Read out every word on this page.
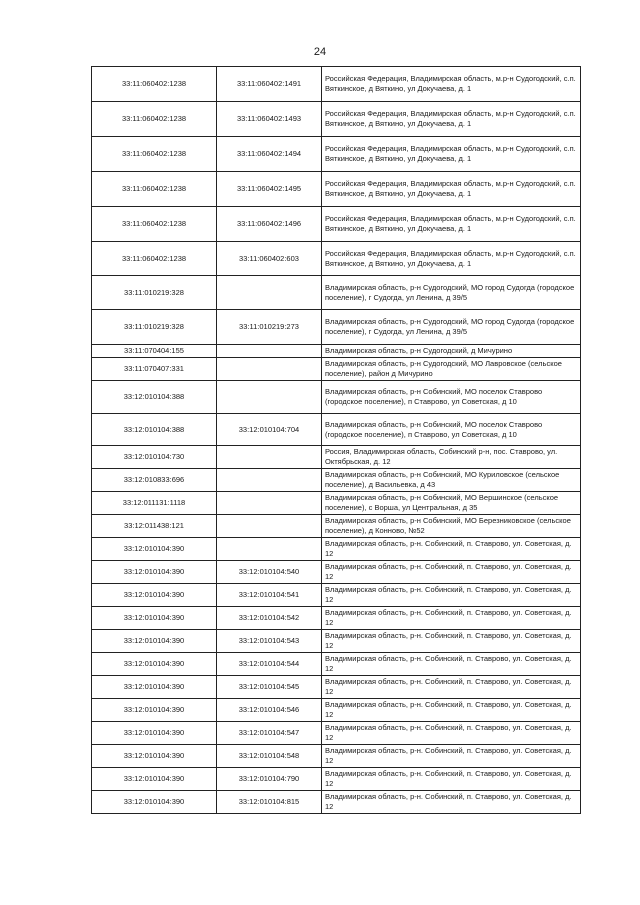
24
33:11:060402:1238	33:11:060402:1491	Российская Федерация, Владимирская область, м.р-н Судогодский, с.п. Вяткинское, д Вяткино, ул Докучаева, д. 1
33:11:060402:1238	33:11:060402:1493	Российская Федерация, Владимирская область, м.р-н Судогодский, с.п. Вяткинское, д Вяткино, ул Докучаева, д. 1
33:11:060402:1238	33:11:060402:1494	Российская Федерация, Владимирская область, м.р-н Судогодский, с.п. Вяткинское, д Вяткино, ул Докучаева, д. 1
33:11:060402:1238	33:11:060402:1495	Российская Федерация, Владимирская область, м.р-н Судогодский, с.п. Вяткинское, д Вяткино, ул Докучаева, д. 1
33:11:060402:1238	33:11:060402:1496	Российская Федерация, Владимирская область, м.р-н Судогодский, с.п. Вяткинское, д Вяткино, ул Докучаева, д. 1
33:11:060402:1238	33:11:060402:603	Российская Федерация, Владимирская область, м.р-н Судогодский, с.п. Вяткинское, д Вяткино, ул Докучаева, д. 1
33:11:010219:328		Владимирская область, р-н Судогодский, МО город Судогда (городское поселение), г Судогда, ул Ленина, д 39/5
33:11:010219:328	33:11:010219:273	Владимирская область, р-н Судогодский, МО город Судогда (городское поселение), г Судогда, ул Ленина, д 39/5
33:11:070404:155		Владимирская область, р-н Судогодский, д Мичурино
33:11:070407:331		Владимирская область, р-н Судогодский, МО Лавровское (сельское поселение), район д Мичурино
33:12:010104:388		Владимирская область, р-н Собинский, МО поселок Ставрово (городское поселение), п Ставрово, ул Советская, д 10
33:12:010104:388	33:12:010104:704	Владимирская область, р-н Собинский, МО поселок Ставрово (городское поселение), п Ставрово, ул Советская, д 10
33:12:010104:730		Россия, Владимирская область, Собинский р-н, пос. Ставрово, ул. Октябрьская, д. 12
33:12:010833:696		Владимирская область, р-н Собинский, МО Куриловское (сельское поселение), д Васильевка, д 43
33:12:011131:1118		Владимирская область, р-н Собинский, МО Вершинское (сельское поселение), с Ворша, ул Центральная, д 35
33:12:011438:121		Владимирская область, р-н Собинский, МО Березниковское (сельское поселение), д Конново, №52
33:12:010104:390		Владимирская область, р-н. Собинский, п. Ставрово, ул. Советская, д. 12
33:12:010104:390	33:12:010104:540	Владимирская область, р-н. Собинский, п. Ставрово, ул. Советская, д. 12
33:12:010104:390	33:12:010104:541	Владимирская область, р-н. Собинский, п. Ставрово, ул. Советская, д. 12
33:12:010104:390	33:12:010104:542	Владимирская область, р-н. Собинский, п. Ставрово, ул. Советская, д. 12
33:12:010104:390	33:12:010104:543	Владимирская область, р-н. Собинский, п. Ставрово, ул. Советская, д. 12
33:12:010104:390	33:12:010104:544	Владимирская область, р-н. Собинский, п. Ставрово, ул. Советская, д. 12
33:12:010104:390	33:12:010104:545	Владимирская область, р-н. Собинский, п. Ставрово, ул. Советская, д. 12
33:12:010104:390	33:12:010104:546	Владимирская область, р-н. Собинский, п. Ставрово, ул. Советская, д. 12
33:12:010104:390	33:12:010104:547	Владимирская область, р-н. Собинский, п. Ставрово, ул. Советская, д. 12
33:12:010104:390	33:12:010104:548	Владимирская область, р-н. Собинский, п. Ставрово, ул. Советская, д. 12
33:12:010104:390	33:12:010104:790	Владимирская область, р-н. Собинский, п. Ставрово, ул. Советская, д. 12
33:12:010104:390	33:12:010104:815	Владимирская область, р-н. Собинский, п. Ставрово, ул. Советская, д. 12
